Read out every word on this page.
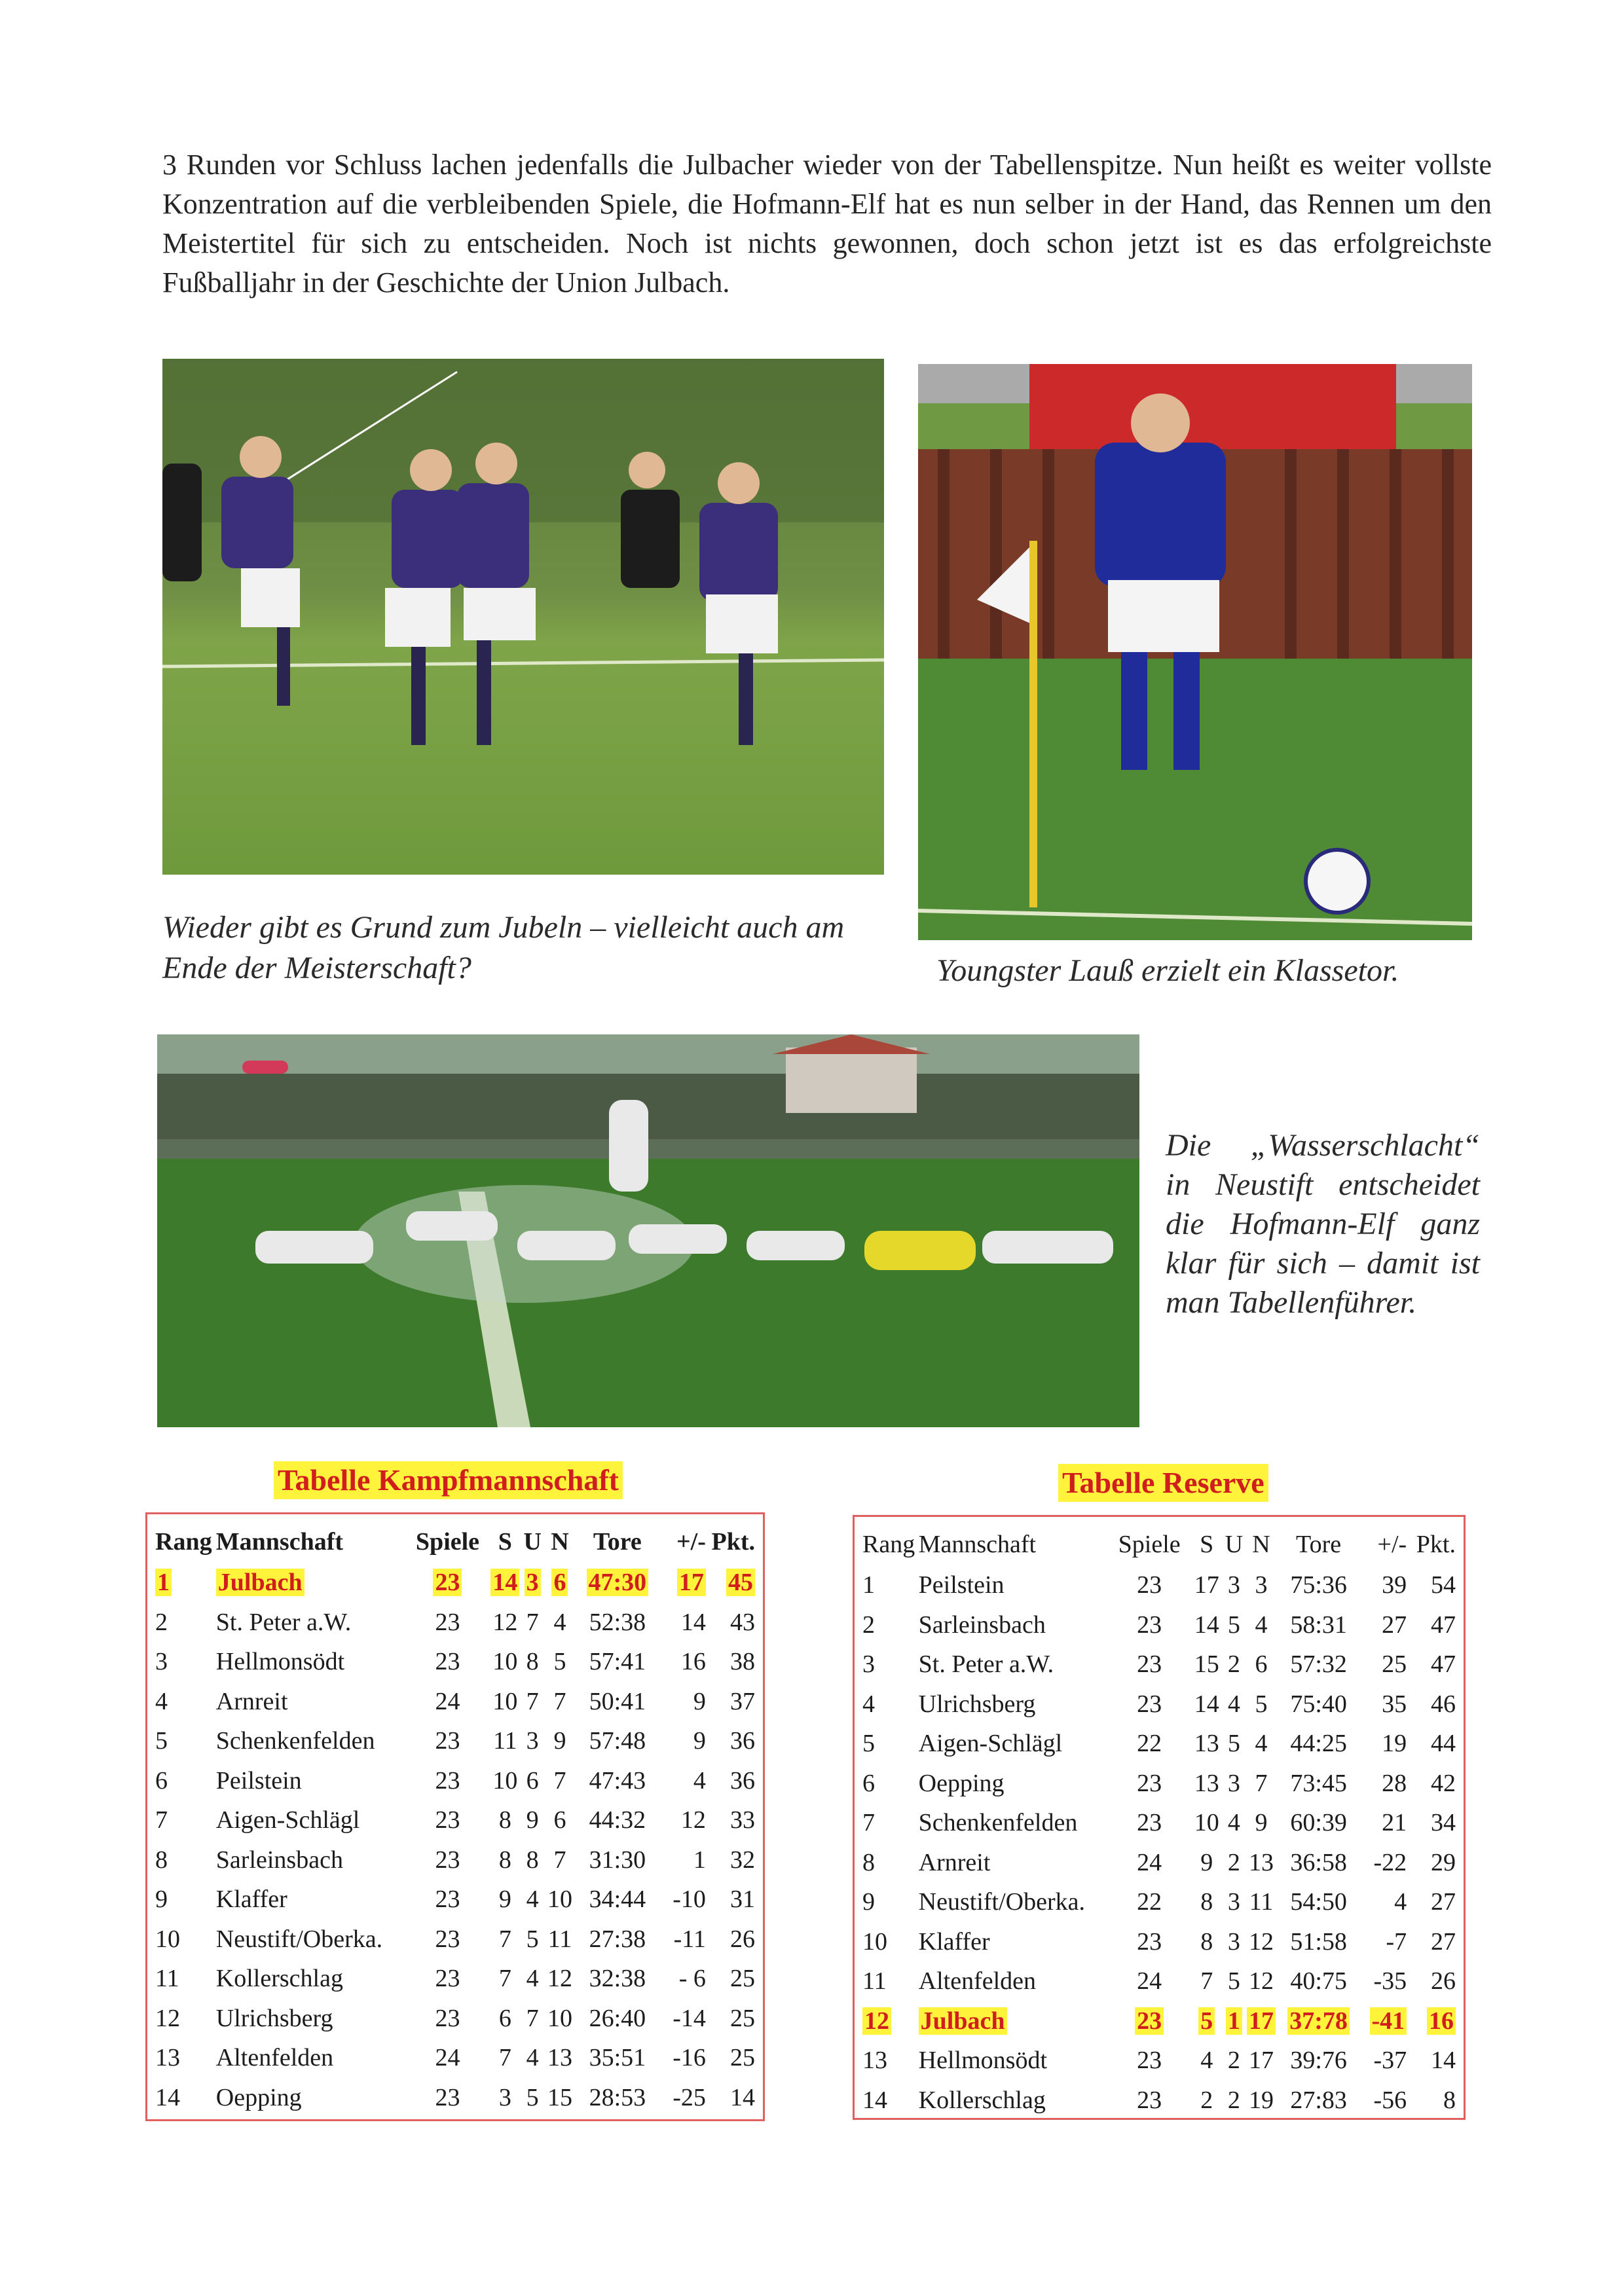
3 Runden vor Schluss lachen jedenfalls die Julbacher wieder von der Tabellenspitze. Nun heißt es weiter vollste Konzentration auf die verbleibenden Spiele, die Hofmann-Elf hat es nun selber in der Hand, das Rennen um den Meistertitel für sich zu entscheiden. Noch ist nichts gewonnen, doch schon jetzt ist es das erfolgreichste Fußballjahr in der Geschichte der Union Julbach.
Wieder gibt es Grund zum Jubeln – vielleicht auch am Ende der Meisterschaft?	Youngster Lauß erzielt ein Klassetor.
Die „Wasserschlacht“ in Neustift entscheidet die Hofmann-Elf ganz klar für sich – damit ist man Tabellenführer.
Tabelle Kampfmannschaft	Tabelle Reserve
Rang	Mannschaft	Spiele	S	U	N	Tore	+/-	Pkt.
1	Julbach	23	14	3	6	47:30	17	45
2	St. Peter a.W.	23	12	7	4	52:38	14	43
3	Hellmonsödt	23	10	8	5	57:41	16	38
4	Arnreit	24	10	7	7	50:41	9	37
5	Schenkenfelden	23	11	3	9	57:48	9	36
6	Peilstein	23	10	6	7	47:43	4	36
7	Aigen-Schlägl	23	8	9	6	44:32	12	33
8	Sarleinsbach	23	8	8	7	31:30	1	32
9	Klaffer	23	9	4	10	34:44	-10	31
10	Neustift/Oberka.	23	7	5	11	27:38	-11	26
11	Kollerschlag	23	7	4	12	32:38	- 6	25
12	Ulrichsberg	23	6	7	10	26:40	-14	25
13	Altenfelden	24	7	4	13	35:51	-16	25
14	Oepping	23	3	5	15	28:53	-25	14
Rang	Mannschaft	Spiele	S	U	N	Tore	+/-	Pkt.
1	Peilstein	23	17	3	3	75:36	39	54
2	Sarleinsbach	23	14	5	4	58:31	27	47
3	St. Peter a.W.	23	15	2	6	57:32	25	47
4	Ulrichsberg	23	14	4	5	75:40	35	46
5	Aigen-Schlägl	22	13	5	4	44:25	19	44
6	Oepping	23	13	3	7	73:45	28	42
7	Schenkenfelden	23	10	4	9	60:39	21	34
8	Arnreit	24	9	2	13	36:58	-22	29
9	Neustift/Oberka.	22	8	3	11	54:50	4	27
10	Klaffer	23	8	3	12	51:58	-7	27
11	Altenfelden	24	7	5	12	40:75	-35	26
12	Julbach	23	5	1	17	37:78	-41	16
13	Hellmonsödt	23	4	2	17	39:76	-37	14
14	Kollerschlag	23	2	2	19	27:83	-56	8
